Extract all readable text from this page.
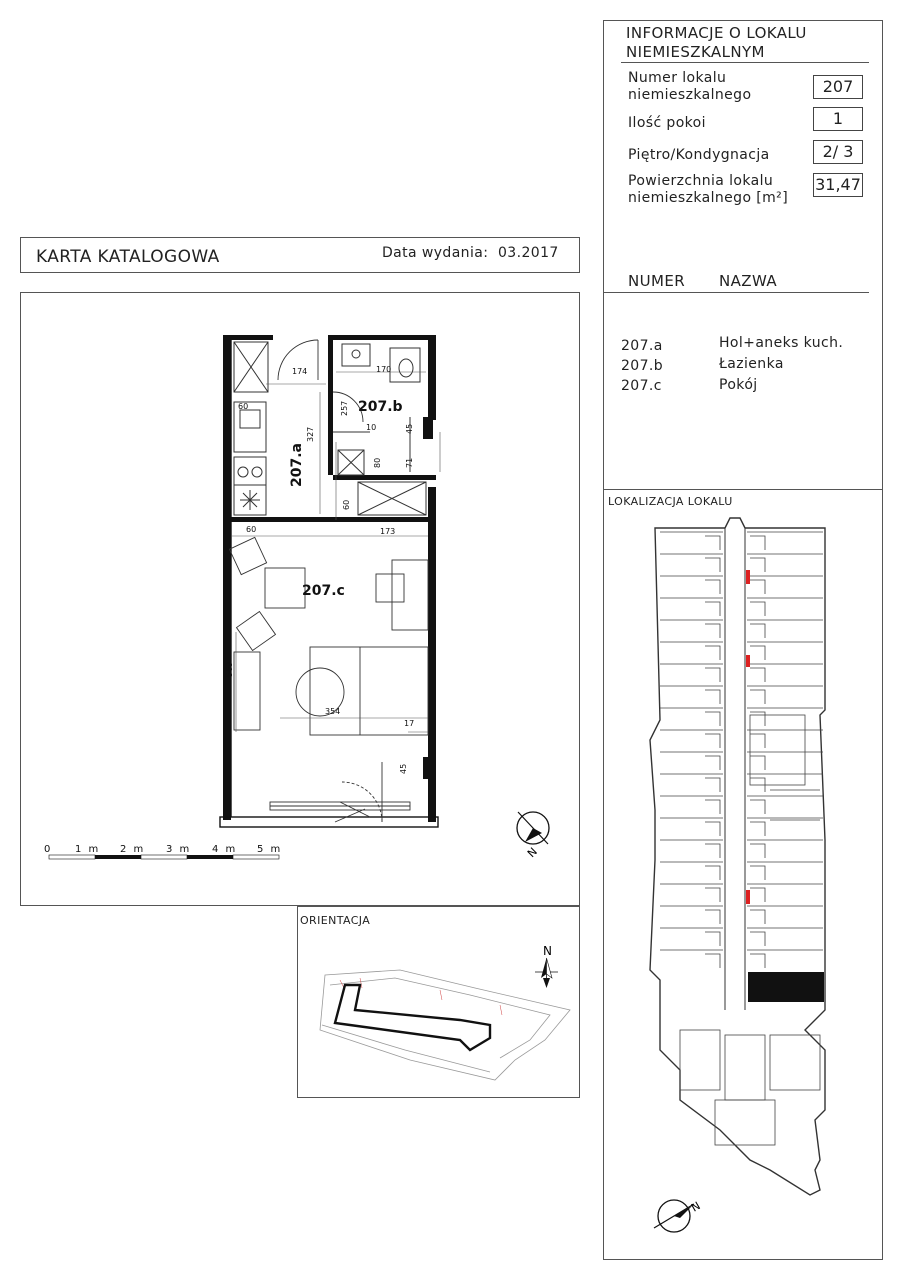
INFORMACJE O LOKALU
NIEMIESZKALNYM
Numer lokalu
niemieszkalnego	207
Ilość pokoi	1
Piętro/Kondygnacja	2/ 3
Powierzchnia lokalu
niemieszkalnego [m²]
31,47
NUMER NAZWA
207.a	Hol+aneks kuch.
207.b	Łazienka
207.c	Pokój
LOKALIZACJA LOKALU
N
KARTA KATALOGOWA	Data wydania: 03.2017
207.b
207.a
207.c
174	170
257
327
60
10	45
80	71
60
173
60
569
354
17
45
0 1 m 2 m 3 m 4 m 5 m	N
ORIENTACJA
N
